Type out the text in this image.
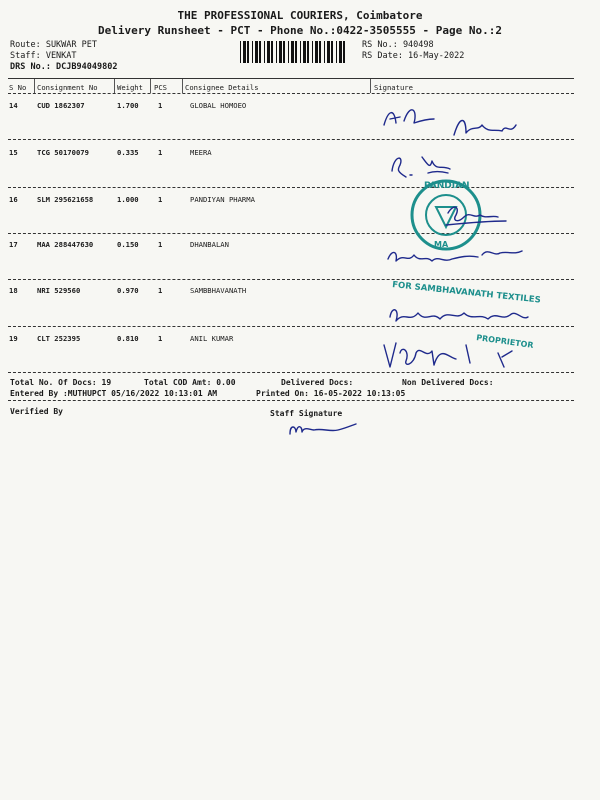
THE PROFESSIONAL COURIERS, Coimbatore
Delivery Runsheet - PCT - Phone No.:0422-3505555 - Page No.:2
Route: SUKWAR PET
Staff: VENKAT
DRS No.: DCJB94049802
RS No.: 940498
RS Date: 16-May-2022
S No Consignment No	Weight PCS	Consignee Details	Signature
14	CUD 1862307	1.700	1	GLOBAL HOMOEO
15	TCG 50170079	0.335	1	MEERA
16	SLM 295621658	1.000	1	PANDIYAN PHARMA
17	MAA 288447630	0.150	1	DHANBALAN
18	NRI 529560	0.970	1	SAMBBHAVANATH
19	CLT 252395	0.810	1	ANIL KUMAR
PANDIAN
MA
FOR SAMBHAVANATH TEXTILES
PROPRIETOR
Total No. Of Docs: 19	Total COD Amt: 0.00	Delivered Docs:	Non Delivered Docs:
Entered By :MUTHUPCT 05/16/2022 10:13:01 AM	Printed On: 16-05-2022 10:13:05
Verified By	Staff Signature
